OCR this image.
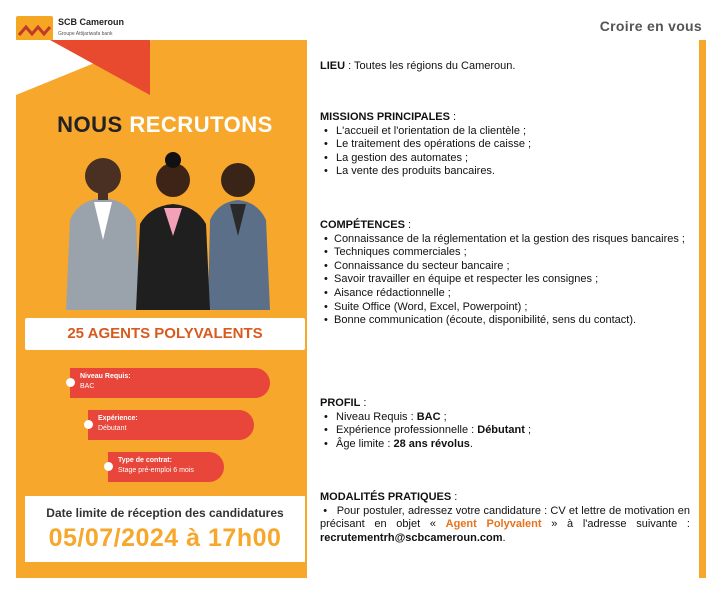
SCB Cameroun
Groupe Attijariwafa bank	Croire en vous
NOUS RECRUTONS
25 AGENTS POLYVALENTS
Niveau Requis:
BAC
Expérience:
Débutant
Type de contrat:
Stage pré-emploi 6 mois
Date limite de réception des candidatures
05/07/2024 à 17h00
LIEU : Toutes les régions du Cameroun.
MISSIONS PRINCIPALES :
• L'accueil et l'orientation de la clientèle ;
• Le traitement des opérations de caisse ;
• La gestion des automates ;
• La vente des produits bancaires.
COMPÉTENCES :
• Connaissance de la réglementation et la gestion des risques bancaires ;
• Techniques commerciales ;
• Connaissance du secteur bancaire ;
• Savoir travailler en équipe et respecter les consignes ;
• Aisance rédactionnelle ;
• Suite Office (Word, Excel, Powerpoint) ;
• Bonne communication (écoute, disponibilité, sens du contact).
PROFIL :
• Niveau Requis : BAC ;
• Expérience professionnelle : Débutant ;
• Âge limite : 28 ans révolus.
MODALITÉS PRATIQUES :

•   Pour postuler, adressez votre candidature : CV et lettre de motivation en précisant en objet « Agent Polyvalent » à l'adresse suivante : recrutementrh@scbcameroun.com.
